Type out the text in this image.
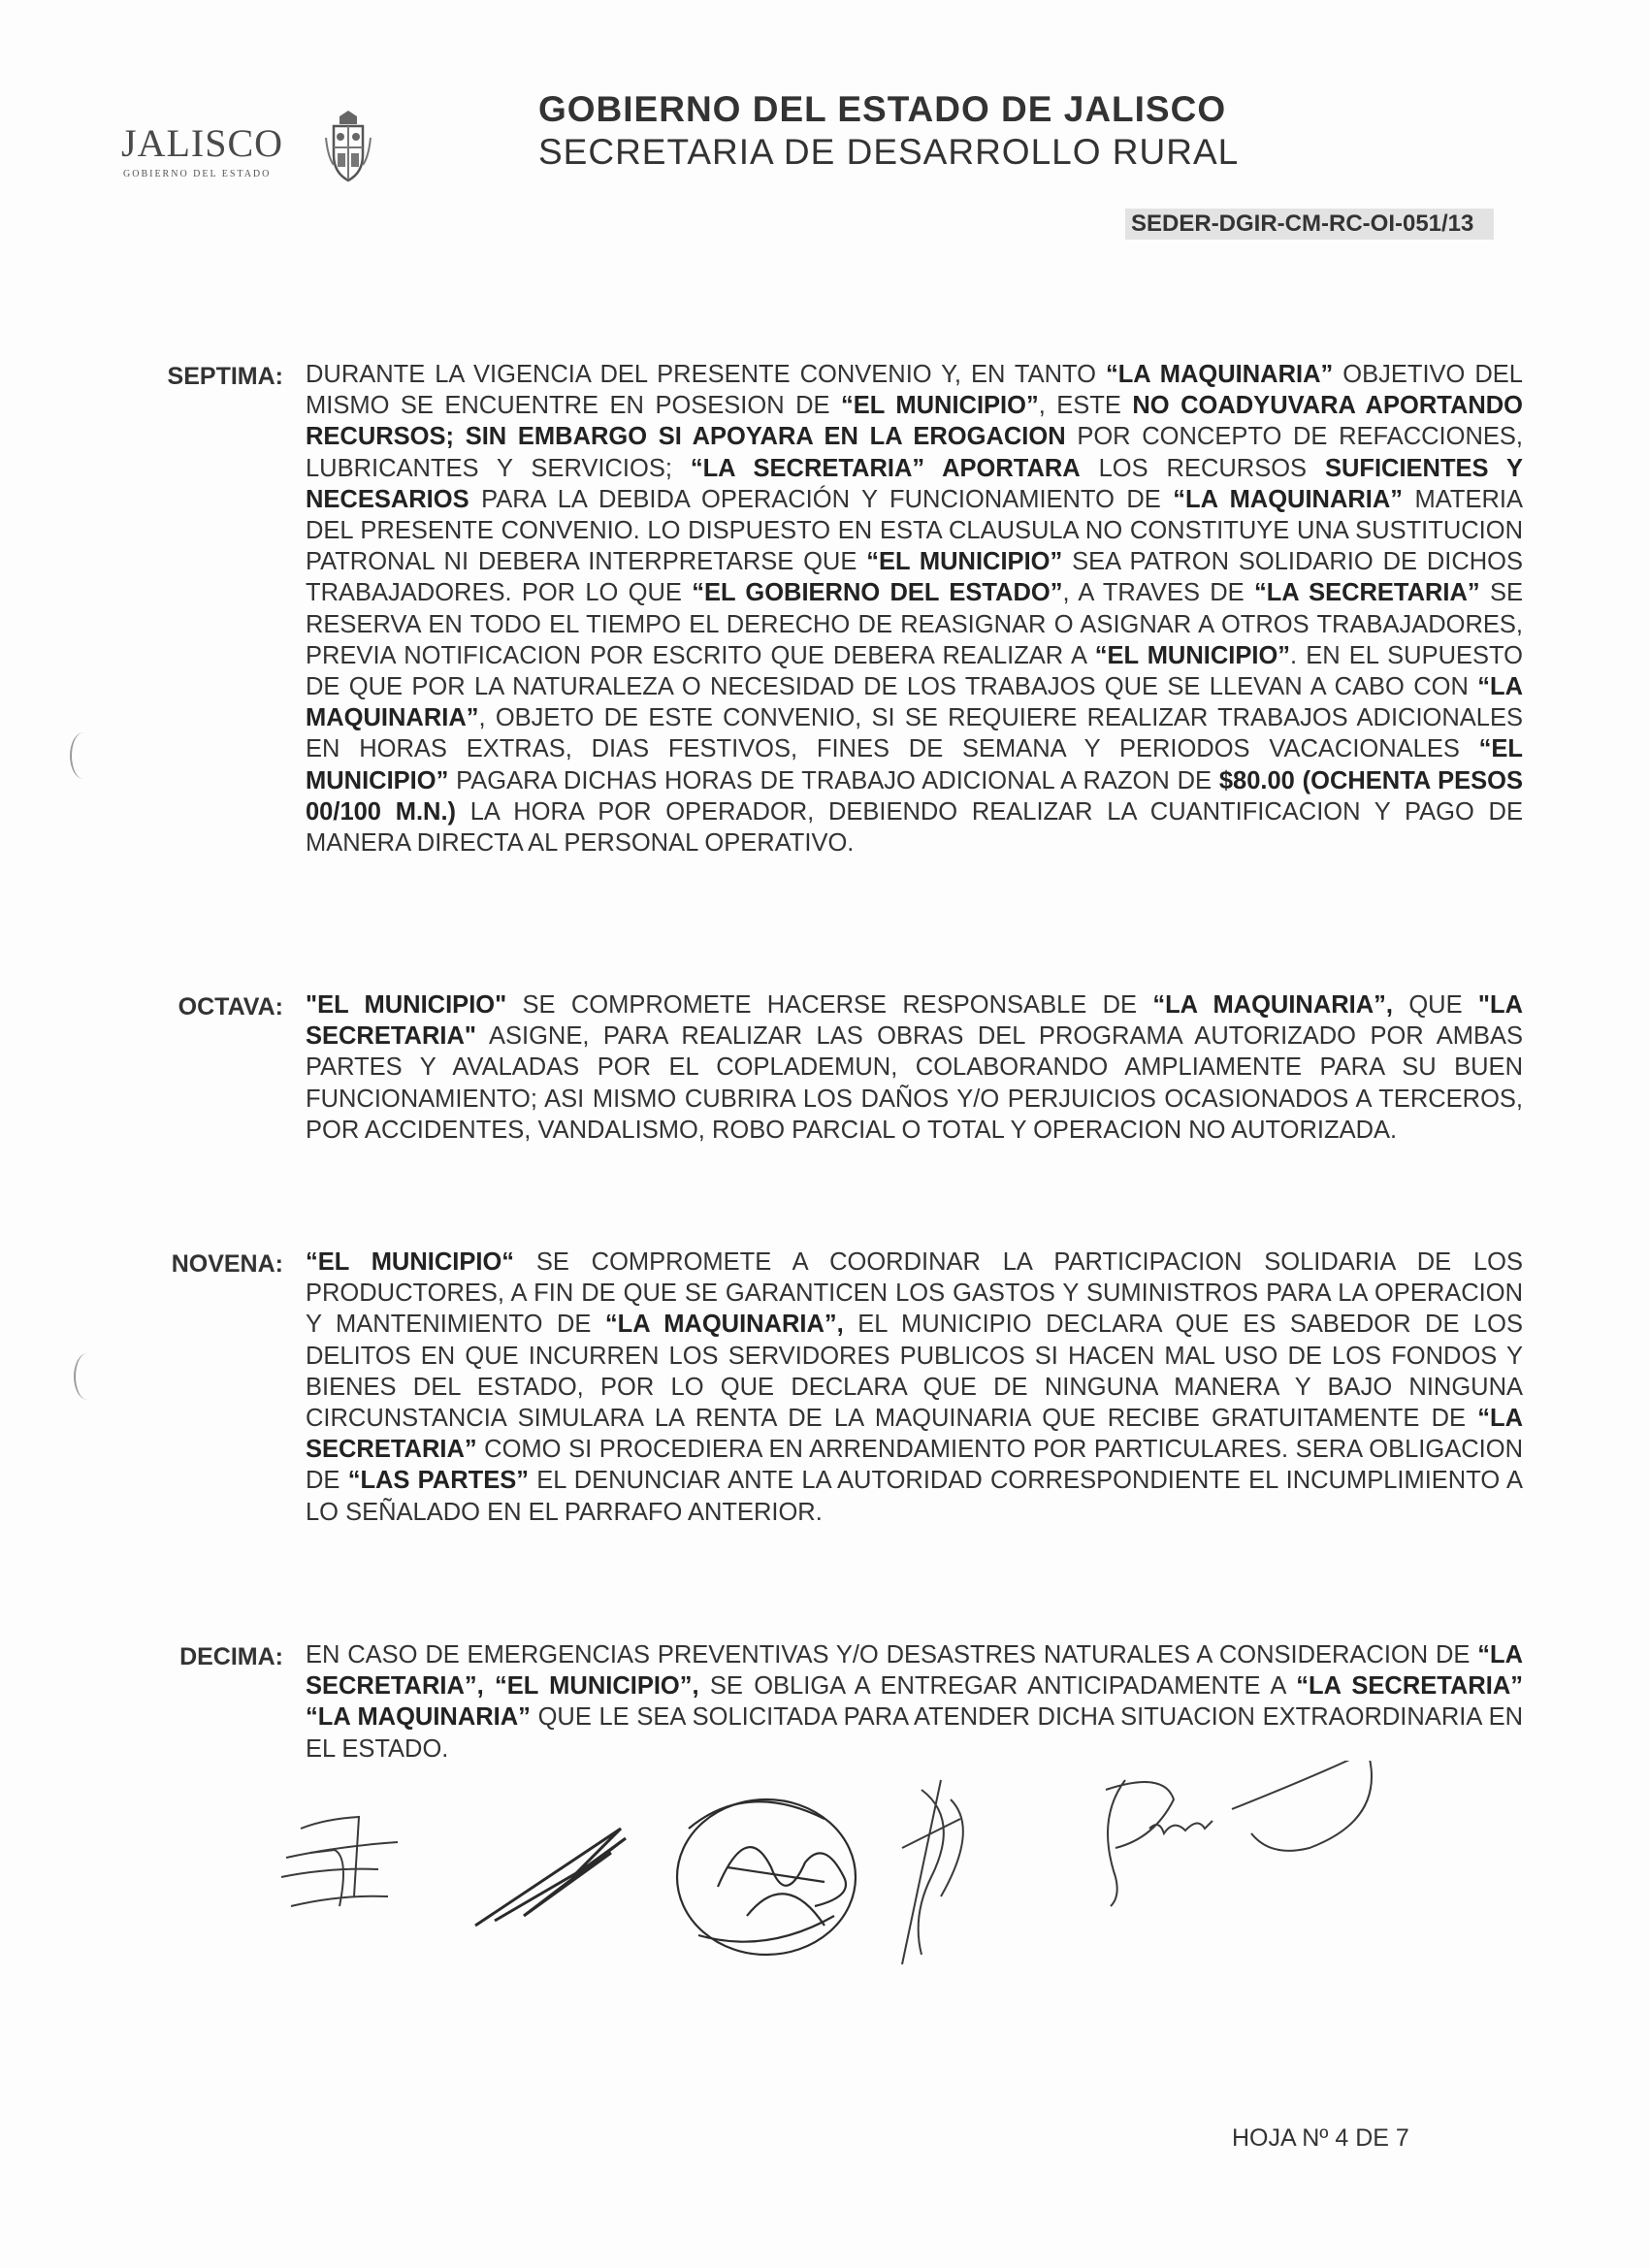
JALISCO
GOBIERNO DEL ESTADO
GOBIERNO DEL ESTADO DE JALISCO
SECRETARIA DE DESARROLLO RURAL
SEDER-DGIR-CM-RC-OI-051/13
SEPTIMA: DURANTE LA VIGENCIA DEL PRESENTE CONVENIO Y, EN TANTO “LA MAQUINARIA” OBJETIVO DEL MISMO SE ENCUENTRE EN POSESION DE “EL MUNICIPIO”, ESTE NO COADYUVARA APORTANDO RECURSOS; SIN EMBARGO SI APOYARA EN LA EROGACION POR CONCEPTO DE REFACCIONES, LUBRICANTES Y SERVICIOS; “LA SECRETARIA” APORTARA LOS RECURSOS SUFICIENTES Y NECESARIOS PARA LA DEBIDA OPERACIÓN Y FUNCIONAMIENTO DE “LA MAQUINARIA” MATERIA DEL PRESENTE CONVENIO. LO DISPUESTO EN ESTA CLAUSULA NO CONSTITUYE UNA SUSTITUCION PATRONAL NI DEBERA INTERPRETARSE QUE “EL MUNICIPIO” SEA PATRON SOLIDARIO DE DICHOS TRABAJADORES. POR LO QUE “EL GOBIERNO DEL ESTADO”, A TRAVES DE “LA SECRETARIA” SE RESERVA EN TODO EL TIEMPO EL DERECHO DE REASIGNAR O ASIGNAR A OTROS TRABAJADORES, PREVIA NOTIFICACION POR ESCRITO QUE DEBERA REALIZAR A “EL MUNICIPIO”. EN EL SUPUESTO DE QUE POR LA NATURALEZA O NECESIDAD DE LOS TRABAJOS QUE SE LLEVAN A CABO CON “LA MAQUINARIA”, OBJETO DE ESTE CONVENIO, SI SE REQUIERE REALIZAR TRABAJOS ADICIONALES EN HORAS EXTRAS, DIAS FESTIVOS, FINES DE SEMANA Y PERIODOS VACACIONALES “EL MUNICIPIO” PAGARA DICHAS HORAS DE TRABAJO ADICIONAL A RAZON DE $80.00 (OCHENTA PESOS 00/100 M.N.) LA HORA POR OPERADOR, DEBIENDO REALIZAR LA CUANTIFICACION Y PAGO DE MANERA DIRECTA AL PERSONAL OPERATIVO.

OCTAVA: "EL MUNICIPIO" SE COMPROMETE HACERSE RESPONSABLE DE “LA MAQUINARIA”, QUE "LA SECRETARIA" ASIGNE, PARA REALIZAR LAS OBRAS DEL PROGRAMA AUTORIZADO POR AMBAS PARTES Y AVALADAS POR EL COPLADEMUN, COLABORANDO AMPLIAMENTE PARA SU BUEN FUNCIONAMIENTO; ASI MISMO CUBRIRA LOS DAÑOS Y/O PERJUICIOS OCASIONADOS A TERCEROS, POR ACCIDENTES, VANDALISMO, ROBO PARCIAL O TOTAL Y OPERACION NO AUTORIZADA.

NOVENA: “EL MUNICIPIO“ SE COMPROMETE A COORDINAR LA PARTICIPACION SOLIDARIA DE LOS PRODUCTORES, A FIN DE QUE SE GARANTICEN LOS GASTOS Y SUMINISTROS PARA LA OPERACION Y MANTENIMIENTO DE “LA MAQUINARIA”, EL MUNICIPIO DECLARA QUE ES SABEDOR DE LOS DELITOS EN QUE INCURREN LOS SERVIDORES PUBLICOS SI HACEN MAL USO DE LOS FONDOS Y BIENES DEL ESTADO, POR LO QUE DECLARA QUE DE NINGUNA MANERA Y BAJO NINGUNA CIRCUNSTANCIA SIMULARA LA RENTA DE LA MAQUINARIA QUE RECIBE GRATUITAMENTE DE “LA SECRETARIA” COMO SI PROCEDIERA EN ARRENDAMIENTO POR PARTICULARES. SERA OBLIGACION DE “LAS PARTES” EL DENUNCIAR ANTE LA AUTORIDAD CORRESPONDIENTE EL INCUMPLIMIENTO A LO SEÑALADO EN EL PARRAFO ANTERIOR.

DECIMA: EN CASO DE EMERGENCIAS PREVENTIVAS Y/O DESASTRES NATURALES A CONSIDERACION DE “LA SECRETARIA”, “EL MUNICIPIO”, SE OBLIGA A ENTREGAR ANTICIPADAMENTE A “LA SECRETARIA” “LA MAQUINARIA” QUE LE SEA SOLICITADA PARA ATENDER DICHA SITUACION EXTRAORDINARIA EN EL ESTADO.

HOJA Nº 4 DE 7
